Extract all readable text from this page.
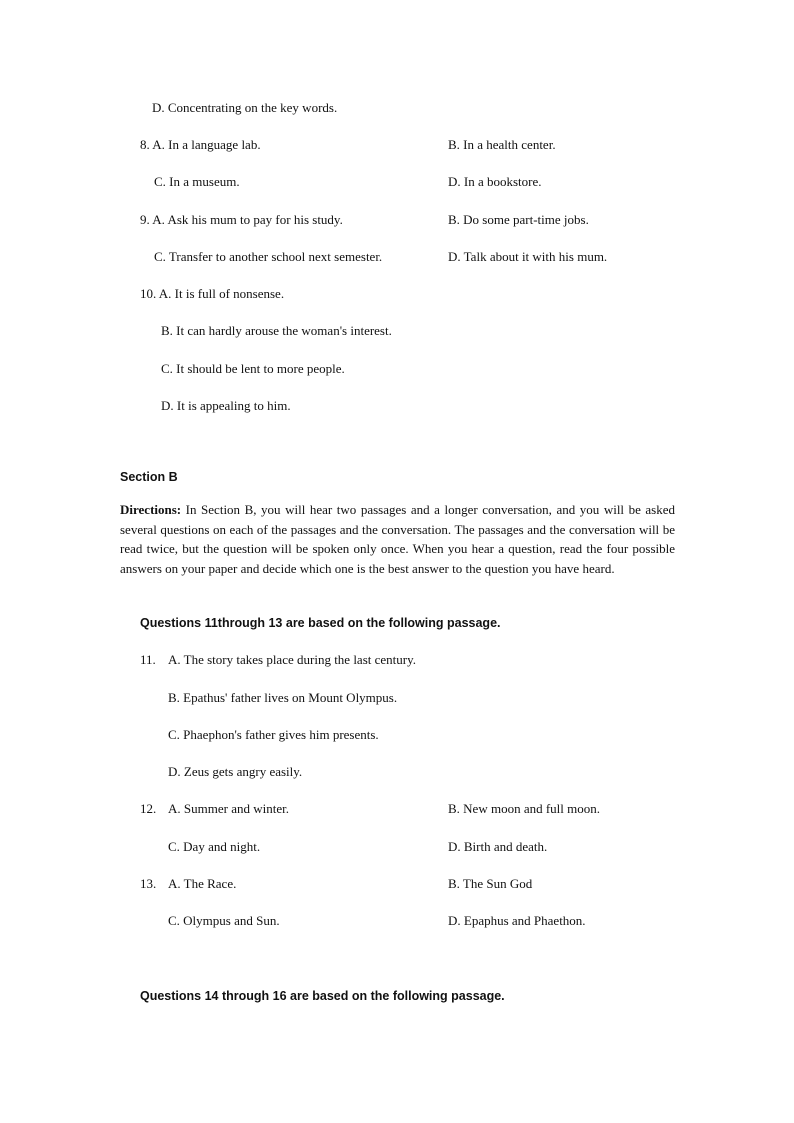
D. Concentrating on the key words.
8. A. In a language lab.	B. In a health center.
C. In a museum.	D. In a bookstore.
9. A. Ask his mum to pay for his study.	B. Do some part-time jobs.
C. Transfer to another school next semester.	D. Talk about it with his mum.
10. A. It is full of nonsense.
B. It can hardly arouse the woman's interest.
C. It should be lent to more people.
D. It is appealing to him.
Section B
Directions: In Section B, you will hear two passages and a longer conversation, and you will be asked several questions on each of the passages and the conversation. The passages and the conversation will be read twice, but the question will be spoken only once. When you hear a question, read the four possible answers on your paper and decide which one is the best answer to the question you have heard.
Questions 11through 13 are based on the following passage.
11. A. The story takes place during the last century.
B. Epathus' father lives on Mount Olympus.
C. Phaephon's father gives him presents.
D. Zeus gets angry easily.
12. A. Summer and winter.	B. New moon and full moon.
C. Day and night.	D. Birth and death.
13. A. The Race.	B. The Sun God
C. Olympus and Sun.	D. Epaphus and Phaethon.
Questions 14 through 16 are based on the following passage.
